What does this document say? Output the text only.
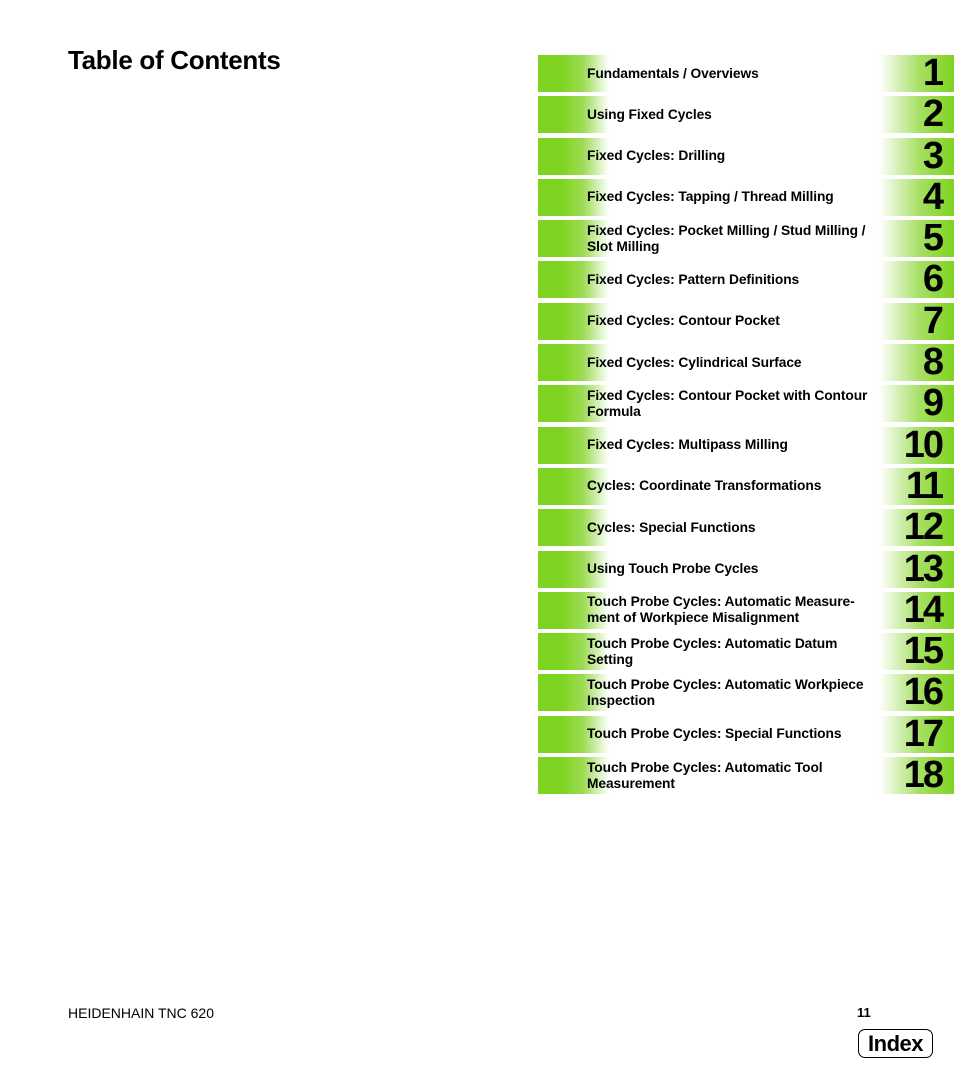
Table of Contents	Fundamentals / Overviews	1
Using Fixed Cycles	2
Fixed Cycles: Drilling	3
Fixed Cycles: Tapping / Thread Milling	4
Fixed Cycles: Pocket Milling / Stud Milling / Slot Milling	5
Fixed Cycles: Pattern Definitions	6
Fixed Cycles: Contour Pocket	7
Fixed Cycles: Cylindrical Surface	8
Fixed Cycles: Contour Pocket with Contour Formula	9
Fixed Cycles: Multipass Milling	10
Cycles: Coordinate Transformations	11
Cycles: Special Functions	12
Using Touch Probe Cycles	13
Touch Probe Cycles: Automatic Measure-ment of Workpiece Misalignment	14
Touch Probe Cycles: Automatic Datum Setting	15
Touch Probe Cycles: Automatic Workpiece Inspection	16
Touch Probe Cycles: Special Functions	17
Touch Probe Cycles: Automatic Tool Measurement	18
HEIDENHAIN TNC 620	11
Index
